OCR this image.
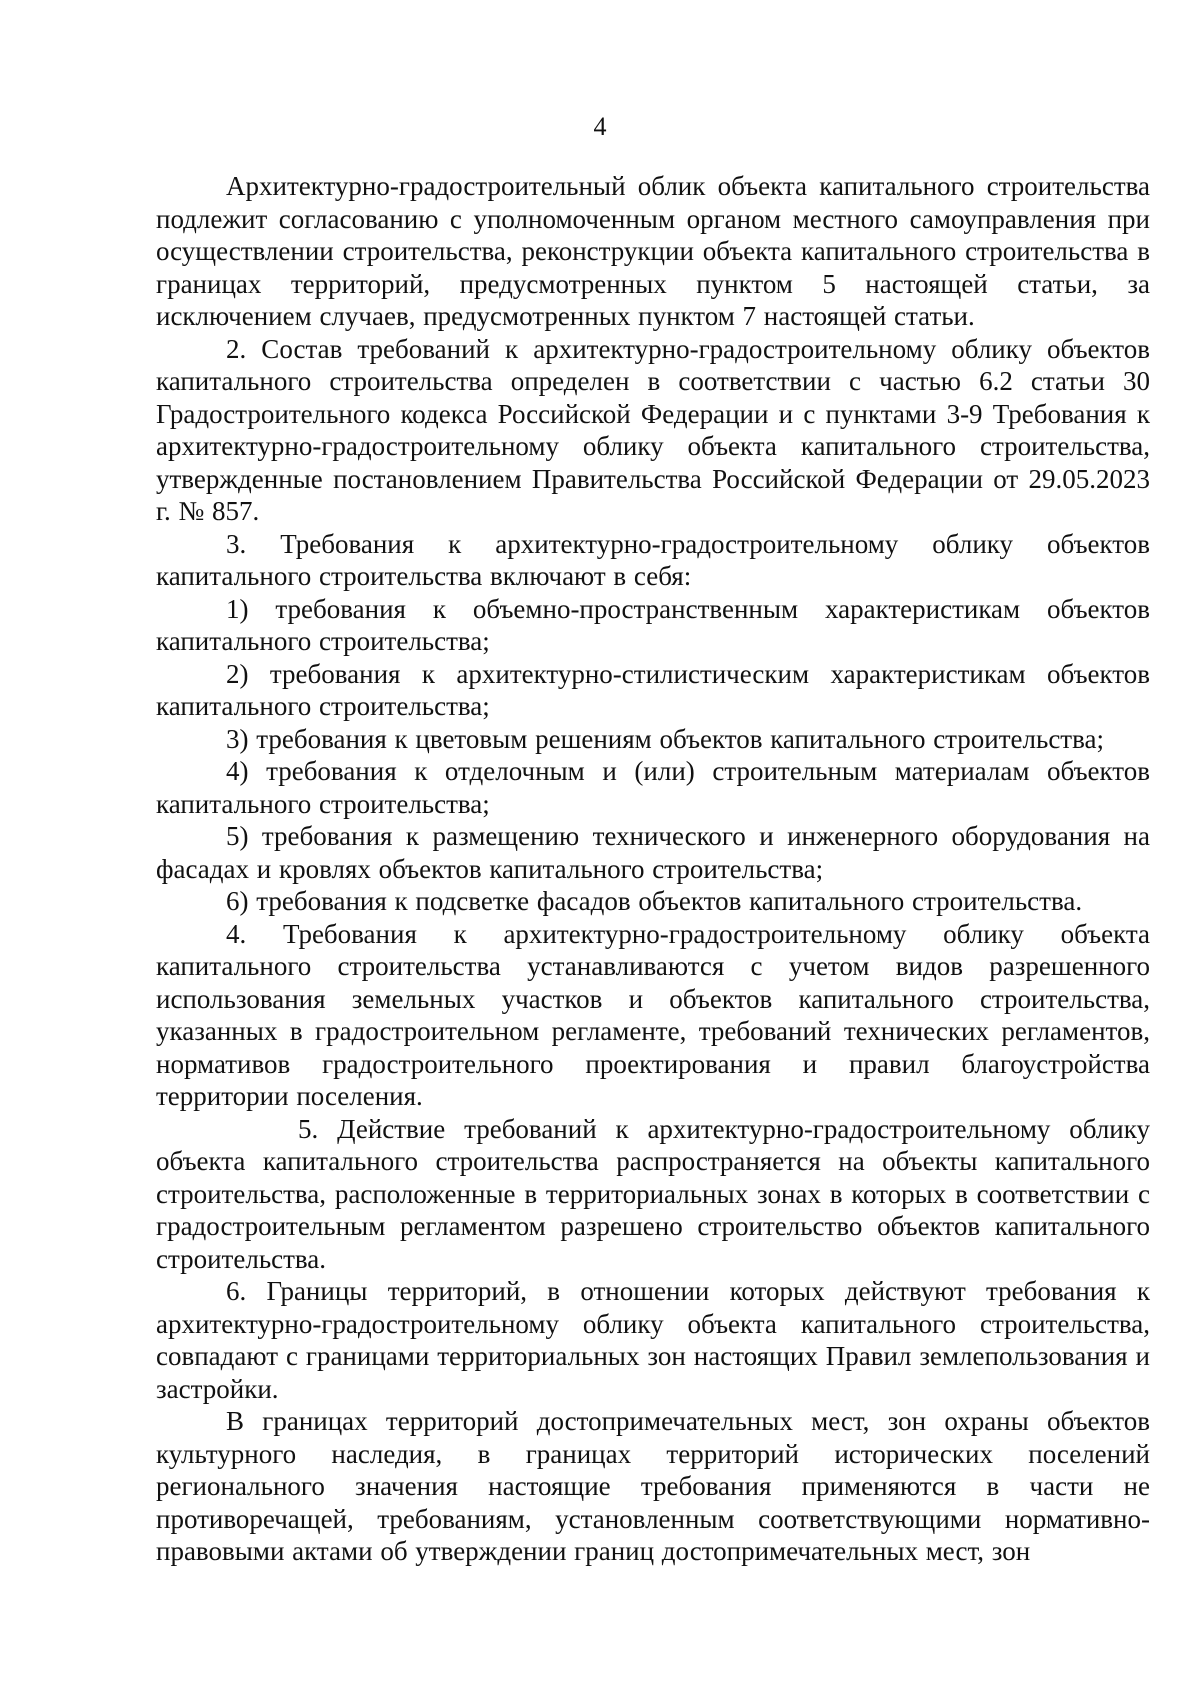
4

Архитектурно-градостроительный облик объекта капитального строительства подлежит согласованию с уполномоченным органом местного самоуправления при осуществлении строительства, реконструкции объекта капитального строительства в границах территорий, предусмотренных пунктом 5 настоящей статьи, за исключением случаев, предусмотренных пунктом 7 настоящей статьи.

2. Состав требований к архитектурно-градостроительному облику объектов капитального строительства определен в соответствии с частью 6.2 статьи 30 Градостроительного кодекса Российской Федерации и с пунктами 3-9 Требования к архитектурно-градостроительному облику объекта капитального строительства, утвержденные постановлением Правительства Российской Федерации от 29.05.2023 г. № 857.

3. Требования к архитектурно-градостроительному облику объектов капитального строительства включают в себя:

1) требования к объемно-пространственным характеристикам объектов капитального строительства;

2) требования к архитектурно-стилистическим характеристикам объектов капитального строительства;

3) требования к цветовым решениям объектов капитального строительства;

4) требования к отделочным и (или) строительным материалам объектов капитального строительства;

5) требования к размещению технического и инженерного оборудования на фасадах и кровлях объектов капитального строительства;

6) требования к подсветке фасадов объектов капитального строительства.

4. Требования к архитектурно-градостроительному облику объекта капитального строительства устанавливаются с учетом видов разрешенного использования земельных участков и объектов капитального строительства, указанных в градостроительном регламенте, требований технических регламентов, нормативов градостроительного проектирования и правил благоустройства территории поселения.

5. Действие требований к архитектурно-градостроительному облику объекта капитального строительства распространяется на объекты капитального строительства, расположенные в территориальных зонах в которых в соответствии с градостроительным регламентом разрешено строительство объектов капитального строительства.

6. Границы территорий, в отношении которых действуют требования к архитектурно-градостроительному облику объекта капитального строительства, совпадают с границами территориальных зон настоящих Правил землепользования и застройки.

В границах территорий достопримечательных мест, зон охраны объектов культурного наследия, в границах территорий исторических поселений регионального значения настоящие требования применяются в части не противоречащей, требованиям, установленным соответствующими нормативно-правовыми актами об утверждении границ достопримечательных мест, зон
